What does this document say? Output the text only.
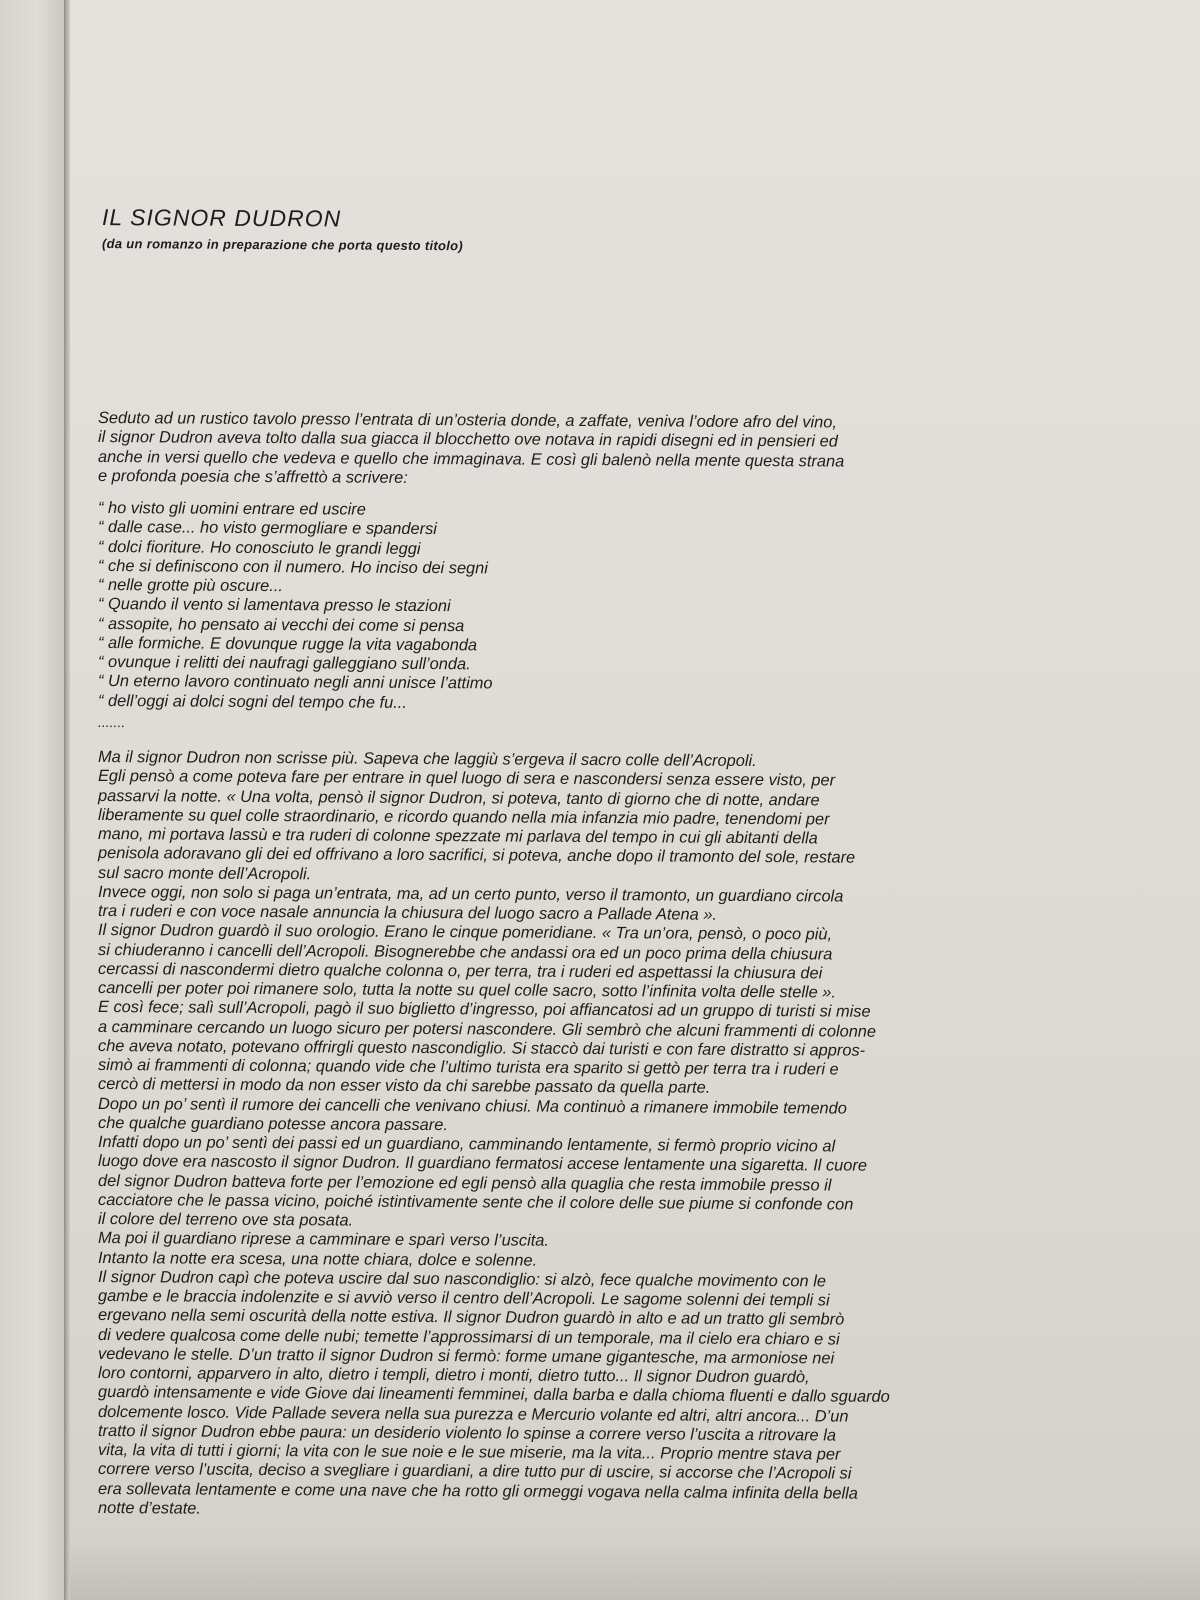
IL SIGNOR DUDRON

(da un romanzo in preparazione che porta questo titolo)

Seduto ad un rustico tavolo presso l’entrata di un’osteria donde, a zaffate, veniva l’odore afro del vino,
il signor Dudron aveva tolto dalla sua giacca il blocchetto ove notava in rapidi disegni ed in pensieri ed
anche in versi quello che vedeva e quello che immaginava. E così gli balenò nella mente questa strana
e profonda poesia che s’affrettò a scrivere:
“ ho visto gli uomini entrare ed uscire
“ dalle case... ho visto germogliare e spandersi
“ dolci fioriture. Ho conosciuto le grandi leggi
“ che si definiscono con il numero. Ho inciso dei segni
“ nelle grotte più oscure...
“ Quando il vento si lamentava presso le stazioni
“ assopite, ho pensato ai vecchi dei come si pensa
“ alle formiche. E dovunque rugge la vita vagabonda
“ ovunque i relitti dei naufragi galleggiano sull’onda.
“ Un eterno lavoro continuato negli anni unisce l’attimo
“ dell’oggi ai dolci sogni del tempo che fu...

.......

Ma il signor Dudron non scrisse più. Sapeva che laggiù s’ergeva il sacro colle dell’Acropoli.
Egli pensò a come poteva fare per entrare in quel luogo di sera e nascondersi senza essere visto, per
passarvi la notte. « Una volta, pensò il signor Dudron, si poteva, tanto di giorno che di notte, andare
liberamente su quel colle straordinario, e ricordo quando nella mia infanzia mio padre, tenendomi per
mano, mi portava lassù e tra ruderi di colonne spezzate mi parlava del tempo in cui gli abitanti della
penisola adoravano gli dei ed offrivano a loro sacrifici, si poteva, anche dopo il tramonto del sole, restare
sul sacro monte dell’Acropoli.
Invece oggi, non solo si paga un’entrata, ma, ad un certo punto, verso il tramonto, un guardiano circola
tra i ruderi e con voce nasale annuncia la chiusura del luogo sacro a Pallade Atena ».
Il signor Dudron guardò il suo orologio. Erano le cinque pomeridiane. « Tra un’ora, pensò, o poco più,
si chiuderanno i cancelli dell’Acropoli. Bisognerebbe che andassi ora ed un poco prima della chiusura
cercassi di nascondermi dietro qualche colonna o, per terra, tra i ruderi ed aspettassi la chiusura dei
cancelli per poter poi rimanere solo, tutta la notte su quel colle sacro, sotto l’infinita volta delle stelle ».
E così fece; salì sull’Acropoli, pagò il suo biglietto d’ingresso, poi affiancatosi ad un gruppo di turisti si mise
a camminare cercando un luogo sicuro per potersi nascondere. Gli sembrò che alcuni frammenti di colonne
che aveva notato, potevano offrirgli questo nascondiglio. Si staccò dai turisti e con fare distratto si appros-
simò ai frammenti di colonna; quando vide che l’ultimo turista era sparito si gettò per terra tra i ruderi e
cercò di mettersi in modo da non esser visto da chi sarebbe passato da quella parte.
Dopo un po’ sentì il rumore dei cancelli che venivano chiusi. Ma continuò a rimanere immobile temendo
che qualche guardiano potesse ancora passare.
Infatti dopo un po’ sentì dei passi ed un guardiano, camminando lentamente, si fermò proprio vicino al
luogo dove era nascosto il signor Dudron. Il guardiano fermatosi accese lentamente una sigaretta. Il cuore
del signor Dudron batteva forte per l’emozione ed egli pensò alla quaglia che resta immobile presso il
cacciatore che le passa vicino, poiché istintivamente sente che il colore delle sue piume si confonde con
il colore del terreno ove sta posata.
Ma poi il guardiano riprese a camminare e sparì verso l’uscita.
Intanto la notte era scesa, una notte chiara, dolce e solenne.
Il signor Dudron capì che poteva uscire dal suo nascondiglio: si alzò, fece qualche movimento con le
gambe e le braccia indolenzite e si avviò verso il centro dell’Acropoli. Le sagome solenni dei templi si
ergevano nella semi oscurità della notte estiva. Il signor Dudron guardò in alto e ad un tratto gli sembrò
di vedere qualcosa come delle nubi; temette l’approssimarsi di un temporale, ma il cielo era chiaro e si
vedevano le stelle. D’un tratto il signor Dudron si fermò: forme umane gigantesche, ma armoniose nei
loro contorni, apparvero in alto, dietro i templi, dietro i monti, dietro tutto... Il signor Dudron guardò,
guardò intensamente e vide Giove dai lineamenti femminei, dalla barba e dalla chioma fluenti e dallo sguardo
dolcemente losco. Vide Pallade severa nella sua purezza e Mercurio volante ed altri, altri ancora... D’un
tratto il signor Dudron ebbe paura: un desiderio violento lo spinse a correre verso l’uscita a ritrovare la
vita, la vita di tutti i giorni; la vita con le sue noie e le sue miserie, ma la vita... Proprio mentre stava per
correre verso l’uscita, deciso a svegliare i guardiani, a dire tutto pur di uscire, si accorse che l’Acropoli si
era sollevata lentamente e come una nave che ha rotto gli ormeggi vogava nella calma infinita della bella
notte d’estate.
